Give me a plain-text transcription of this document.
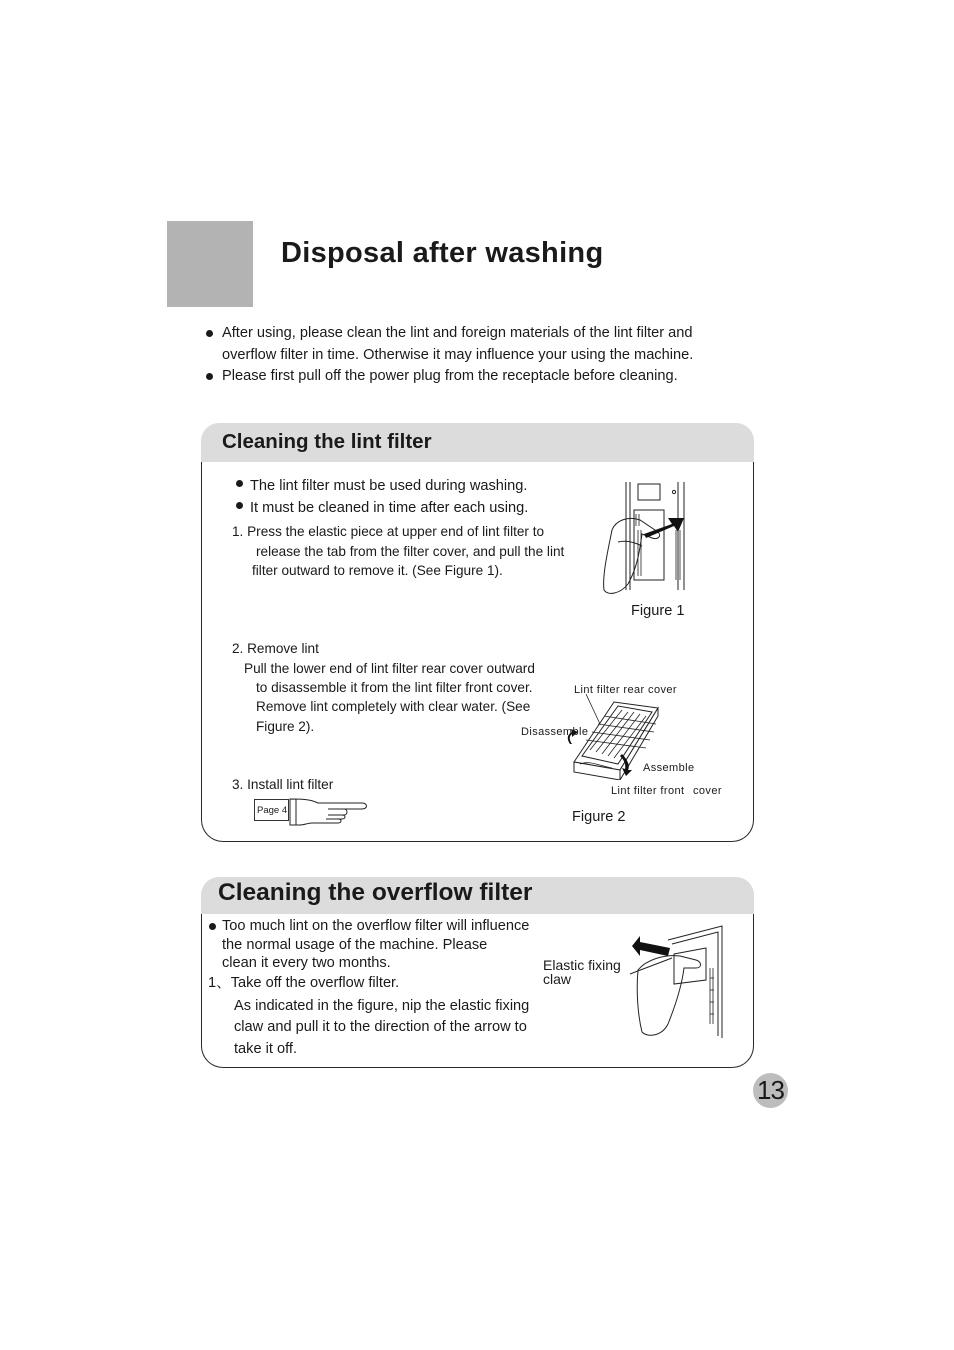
Disposal after washing
After using, please clean the lint and foreign materials of the lint filter and
overflow filter in time. Otherwise it may influence your using the machine.
Please first pull off the power plug from the receptacle before cleaning.
Cleaning the lint filter
The lint filter must be used during washing.
It must be cleaned in time after each using.
1. Press the elastic piece at upper end of lint filter to
release the tab from the filter cover, and pull the lint
filter outward to remove it. (See Figure 1).
Figure 1
2. Remove lint
Pull the lower end of lint filter rear cover outward
to disassemble it from the lint filter front cover.
Remove lint completely with clear water. (See
Figure 2).
Lint filter rear cover
Disassemble
Assemble
Lint filter front cover
Figure 2
3. Install lint filter
Page 4
Cleaning the overflow filter
Too much lint on the overflow filter will influence
the normal usage of the machine. Please
clean it every two months.
1、Take off the overflow filter.
As indicated in the figure, nip the elastic fixing
claw and pull it to the direction of the arrow to
take it off.
Elastic fixing
claw
13
